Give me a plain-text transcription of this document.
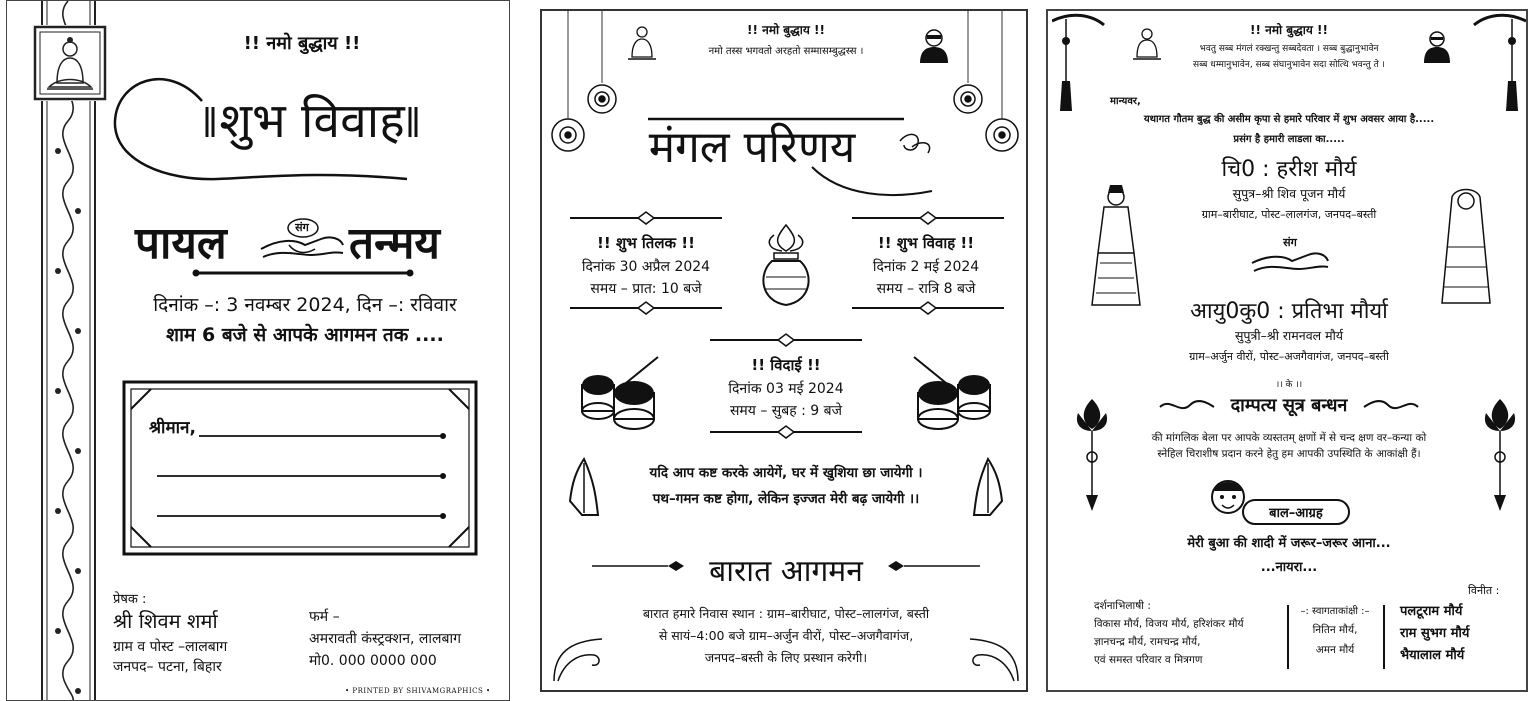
!! नमो बुद्धाय !!
शुभ विवाह
पायल	संग तन्मय
दिनांक –: 3 नवम्बर 2024, दिन –: रविवार
शाम 6 बजे से आपके आगमन तक ....
श्रीमान,
प्रेषक :
श्री शिवम शर्मा
ग्राम व पोस्ट –लालबाग
जनपद– पटना, बिहार
फर्म –
अमरावती कंस्ट्रक्शन, लालबाग
मो0. 000 0000 000
• PRINTED BY SHIVAMGRAPHICS •
!! नमो बुद्धाय !!
नमो तस्स भगवतो अरहतो सम्मासम्बुद्धस्स ।
मंगल परिणय
!! शुभ तिलक !!
दिनांक 30 अप्रैल 2024
समय – प्रात: 10 बजे
!! शुभ विवाह !!
दिनांक 2 मई 2024
समय – रात्रि 8 बजे
!! विदाई !!
दिनांक 03 मई 2024
समय – सुबह : 9 बजे
यदि आप कष्ट करके आयेगें, घर में खुशिया छा जायेगी ।
पथ–गमन कष्ट होगा, लेकिन इज्जत मेरी बढ़ जायेगी ।।
बारात आगमन
बारात हमारे निवास स्थान : ग्राम–बारीघाट, पोस्ट–लालगंज, बस्ती
से सायं–4:00 बजे ग्राम–अर्जुन वीरों, पोस्ट–अजगैवागंज,
जनपद–बस्ती के लिए प्रस्थान करेगी।
!! नमो बुद्धाय !!
भवतु सब्ब मंगलं रक्खन्तु सब्बदेवता । सब्ब बुद्धानुभावेन
सब्ब धम्मानुभावेन, सब्ब संघानुभावेन सदा सोत्थि भवन्तु ते ।
मान्यवर,
यथागत गौतम बुद्ध की असीम कृपा से हमारे परिवार में शुभ अवसर आया है.....
प्रसंग है हमारी लाडला का.....
चि0 : हरीश मौर्य
सुपुत्र–श्री शिव पूजन मौर्य
ग्राम–बारीघाट, पोस्ट–लालगंज, जनपद–बस्ती
संग
आयु0कु0 : प्रतिभा मौर्या
सुपुत्री–श्री रामनवल मौर्य
ग्राम–अर्जुन वीरों, पोस्ट–अजगैवागंज, जनपद–बस्ती
।। के ।।
दाम्पत्य सूत्र बन्धन
की मांगलिक बेला पर आपके व्यस्ततम् क्षणों में से चन्द क्षण वर–कन्या को
स्नेहिल चिराशीष प्रदान करने हेतु हम आपकी उपस्थिति के आकांक्षी हैं।
बाल–आग्रह
मेरी बुआ की शादी में जरूर–जरूर आना...
...नायरा...
दर्शनाभिलाषी :
विकास मौर्य, विजय मौर्य, हरिशंकर मौर्य
ज्ञानचन्द्र मौर्य, रामचन्द्र मौर्य,
एवं समस्त परिवार व मित्रगण
–: स्वागताकांक्षी :–
नितिन मौर्य,
अमन मौर्य
विनीत :
पलटूराम मौर्य
राम सुभग मौर्य
भैयालाल मौर्य
